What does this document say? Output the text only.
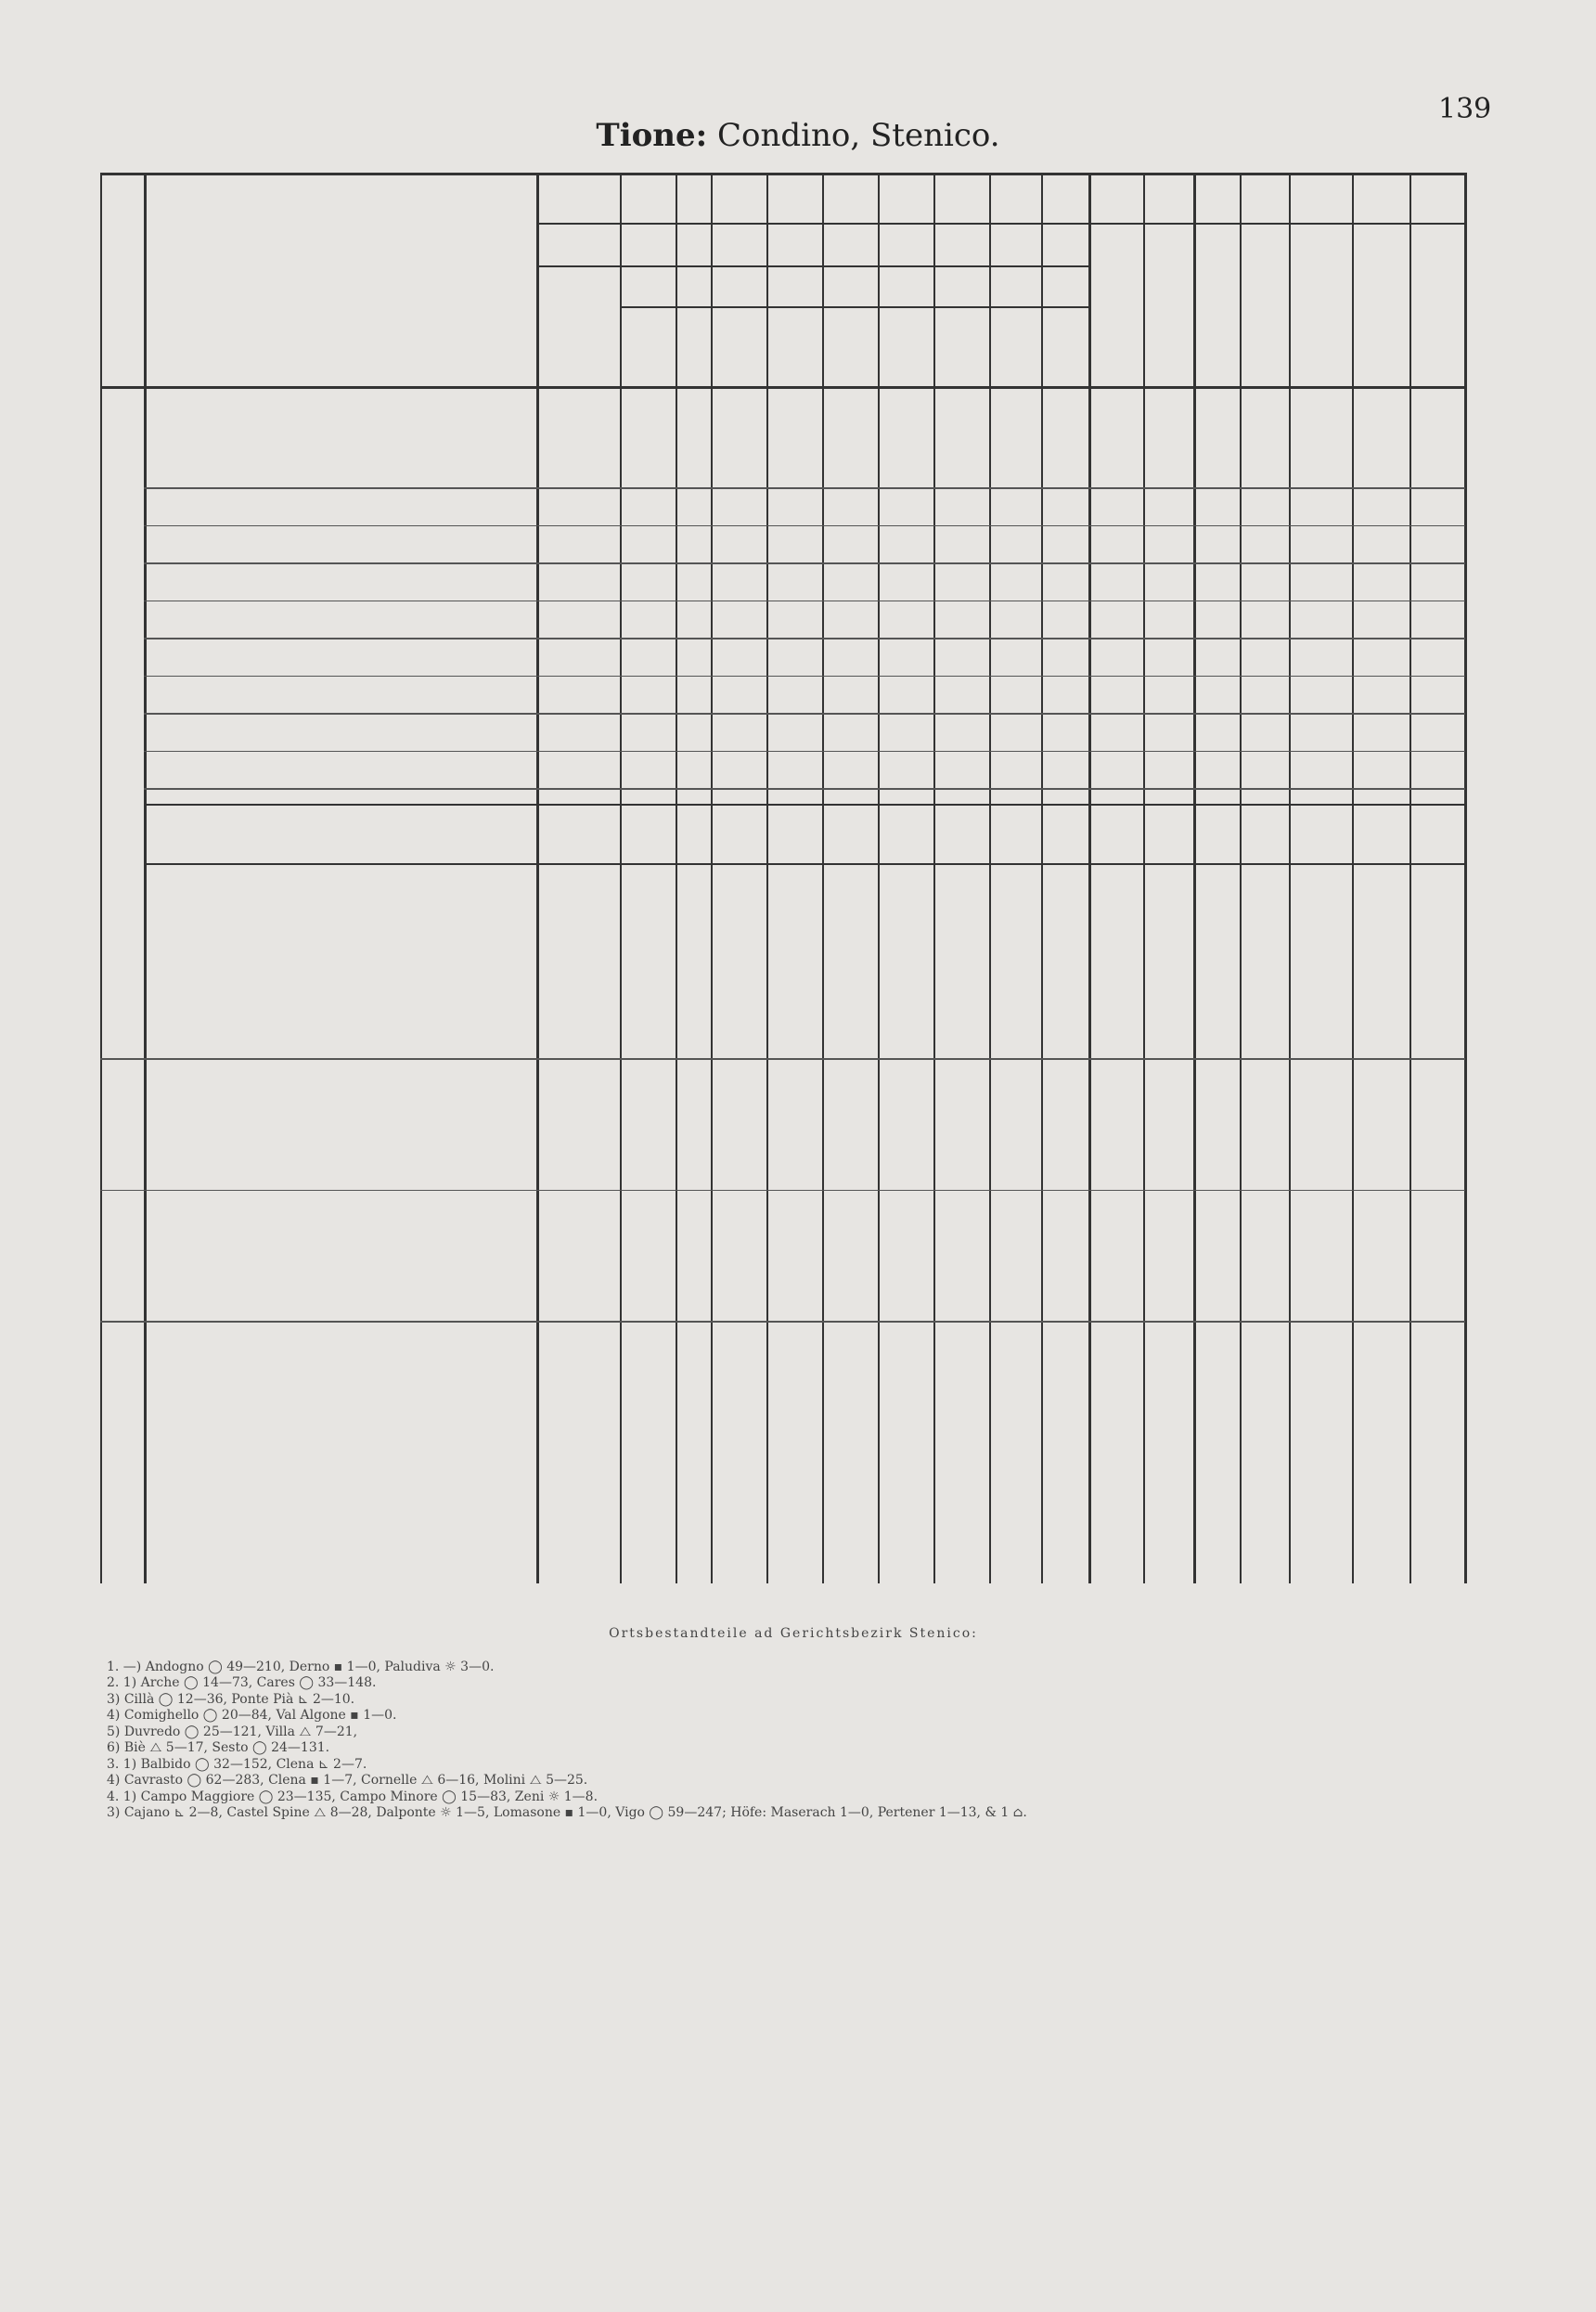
139
Tione: Condino, Stenico.
Ortsbestandteile ad Gerichtsbezirk Stenico:
1. —) Andogno ◯ 49—210, Derno ▪ 1—0, Paludiva ☼ 3—0.
2. 1) Arche ◯ 14—73, Cares ◯ 33—148.
3) Cillà ◯ 12—36, Ponte Pià ⊾ 2—10.
4) Comighello ◯ 20—84, Val Algone ▪ 1—0.
5) Duvredo ◯ 25—121, Villa ⧍ 7—21,
6) Biè ⧍ 5—17, Sesto ◯ 24—131.
3. 1) Balbido ◯ 32—152, Clena ⊾ 2—7.
4) Cavrasto ◯ 62—283, Clena ▪ 1—7, Cornelle ⧍ 6—16, Molini ⧍ 5—25.
4. 1) Campo Maggiore ◯ 23—135, Campo Minore ◯ 15—83, Zeni ☼ 1—8.
3) Cajano ⊾ 2—8, Castel Spine ⧍ 8—28, Dalponte ☼ 1—5, Lomasone ▪ 1—0, Vigo ◯ 59—247; Höfe: Maserach 1—0, Pertener 1—13, & 1 ⌂.
